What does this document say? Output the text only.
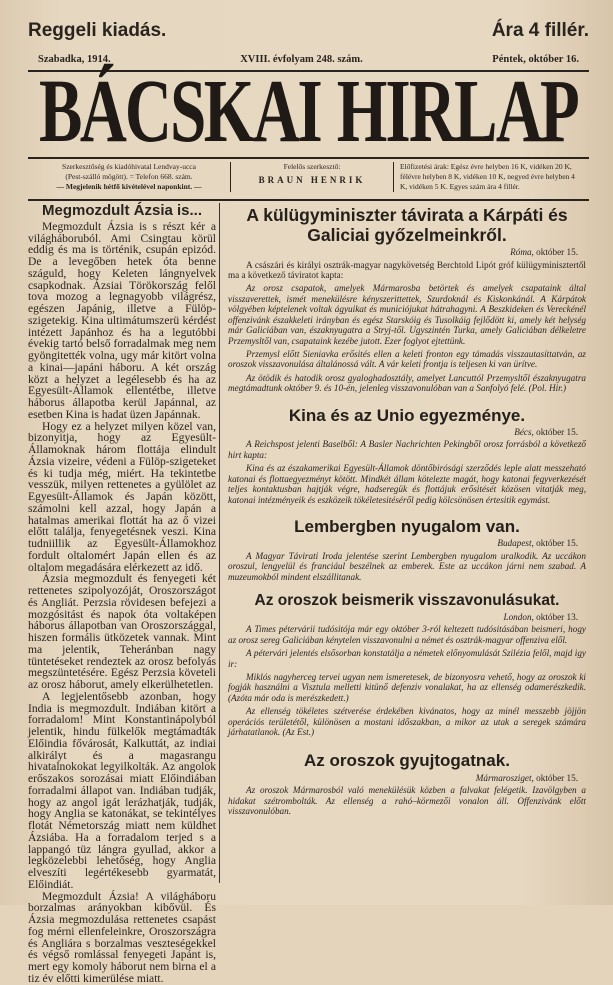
Reggeli kiadás.	Ára 4 fillér.
Szabadka, 1914.	XVIII. évfolyam 248. szám.	Péntek, október 16.
B
Á
C
S
K
A
I
H
I
R
L
A
P
Szerkesztőség és kiadóhivatal Lendvay-ucca
(Pest-szálló mögött). = Telefon 668. szám.
— Megjelenik hétfő kivételével naponkint. —
Felelős szerkesztő:
BRAUN HENRIK
Előfizetési árak: Egész évre helyben 16 K, vidéken 20 K, félévre helyben 8 K, vidéken 10 K, negyed évre helyben 4 K, vidéken 5 K. Egyes szám ára 4 fillér.
Megmozdult Ázsia is...

Megmozdult Ázsia is s részt kér a világháboruból. Ami Csingtau körül eddig és ma is történik, csupán epizód. De a levegőben hetek óta benne száguld, hogy Keleten lángnyelvek csapkodnak. Ázsiai Törökország felől tova mozog a legnagyobb világrész, egészen Japánig, illetve a Fülöp-szigetekig. Kina ultimátumszerü kérdést intézett Japánhoz és ha a legutóbbi évekig tartó belső forradalmak meg nem gyöngitették volna, ugy már kitört volna a kinai—japáni háboru. A két ország közt a helyzet a legélesebb és ha az Egyesült-Államok ellentétbe, illetve háborus állapotba kerül Japánnal, az esetben Kina is hadat üzen Japánnak.

Hogy ez a helyzet milyen közel van, bizonyitja, hogy az Egyesült-Államoknak három flottája elindult Ázsia vizeire, védeni a Fülöp-szigeteket és ki tudja még, miért. Ha tekintetbe vesszük, milyen rettenetes a gyülölet az Egyesült-Államok és Japán között, számolni kell azzal, hogy Japán a hatalmas amerikai flottát ha az ő vizei előtt találja, fenyegetésnek veszi. Kina tudniillik az Egyesült-Államokhoz fordult oltalomért Japán ellen és az oltalom megadására elérkezett az idő.

Ázsia megmozdult és fenyegeti két rettenetes szipolyozóját, Oroszországot és Angliát. Perzsia rövidesen befejezi a mozgósitást és napok óta voltaképen háborus állapotban van Oroszországgal, hiszen formális ütközetek vannak. Mint ma jelentik, Teheránban nagy tüntetéseket rendeztek az orosz befolyás megszüntetésére. Egész Perzsia követeli az orosz háborut, amely elkerülhetetlen.

A legjelentősebb azonban, hogy India is megmozdult. Indiában kitört a forradalom! Mint Konstantinápolyból jelentik, hindu fülkelők megtámadták Előindia fővárosát, Kalkuttát, az indiai alkirályt és a magasrangu hivatalnokokat legyilkolták. Az angolok erőszakos sorozásai miatt Előindiában forradalmi állapot van. Indiában tudják, hogy az angol igát lerázhatják, tudják, hogy Anglia se katonákat, se tekintélyes flotát Németország miatt nem küldhet Ázsiába. Ha a forradalom terjed s a lappangó tüz lángra gyullad, akkor a legközelebbi lehetőség, hogy Anglia elveszíti legértékesebb gyarmatát, Előindiát.

Megmozdult Ázsia! A világháboru borzalmas arányokban kibővül. És Ázsia megmozdulása rettenetes csapást fog mérni ellenfeleinkre, Oroszországra és Angliára s borzalmas veszteségekkel és végső romlással fenyegeti Japánt is, mert egy komoly háborut nem birna el a tiz év előtti kimerülése miatt.

A külügyminiszter távirata a Kárpáti és Galiciai győzelmeinkről.
Róma, október 15.

A császári és királyi osztrák-magyar nagykövetség Berchtold Lipót gróf külügyminisztertől ma a következő táviratot kapta:

Az orosz csapatok, amelyek Mármarosba betörtek és amelyek csapataink által visszaverettek, ismét menekülésre kényszerittettek, Szurdoknál és Kiskonkánál. A Kárpátok völgyében képtelenek voltak ágyuikat és municiójukat hátrahagyni. A Beszkideken és Vereckénél offenzivánk északkeleti irányban és egész Starskóig és Tusolkáig fejlődött ki, amely két helység már Galiciában van, északnyugatra a Stryj-től. Ugyszintén Turka, amely Galiciában délkeletre Przemysltől van, csapataink kezébe jutott. Ezer foglyot ejtettünk.

Przemysl előtt Sieniavka erősités ellen a keleti fronton egy támadás visszautasíttatván, az oroszok visszavonulása általánossá vált. A vár keleti frontja is teljesen ki van ürítve.

Az ötödik és hatodik orosz gyaloghadosztály, amelyet Lancuttól Przemysltől északnyugatra megtámadtunk október 9. és 10-én, jelenleg visszavonulóban van a Sanfolyó felé. (Pol. Hir.)

Kina és az Unio egyezménye.
Bécs, október 15.

A Reichspost jelenti Baselből: A Basler Nachrichten Pekingből orosz forrásból a következő hirt kapta:

Kina és az északamerikai Egyesült-Államok döntőbirósági szerződés leple alatt messzeható katonai és flottaegyezményt kötött. Mindkét állam kötelezte magát, hogy katonai fegyverkezését teljes kontaktusban hajtják végre, hadseregük és flottájuk erősitését közösen vitatják meg, katonai intézményeik és eszközeik tökéletesitéséről pedig kölcsönösen értesitik egymást.

Lembergben nyugalom van.
Budapest, október 15.

A Magyar Távirati Iroda jelentése szerint Lembergben nyugalom uralkodik. Az uccákon oroszul, lengyelül és franciául beszélnek az emberek. Este az uccákon járni nem szabad. A muzeumokból mindent elszállitanak.

Az oroszok beismerik visszavonulásukat.
London, október 13.

A Times pétervárii tudósitója már egy október 3-ról keltezett tudósitásában beismeri, hogy az orosz sereg Galiciában kénytelen visszavonulni a német és osztrák-magyar offenziva elől.

A pétervári jelentés elsősorban konstatálja a németek előnyomulását Szilézia felől, majd igy ir:

Miklós nagyherceg tervei ugyan nem ismeretesek, de bizonyosra vehető, hogy az oroszok ki fogják használni a Visztula melletti kitünő defenziv vonalakat, ha az ellenség odamerészkedik. (Azóta már oda is merészkedett.)

Az ellenség tökéletes szétverése érdekében kivánatos, hogy az minél messzebb jöjjön operációs területétől, különösen a mostani időszakban, a mikor az utak a seregek számára járhatatlanok. (Az Est.)

Az oroszok gyujtogatnak.
Mármarosziget, október 15.

Az oroszok Mármarosból való menekülésük közben a falvakat felégetik. Izavölgyben a hidakat szétrombolták. Az ellenség a rahó–körmezői vonalon áll. Offenzivánk előtt visszavonulóban.
